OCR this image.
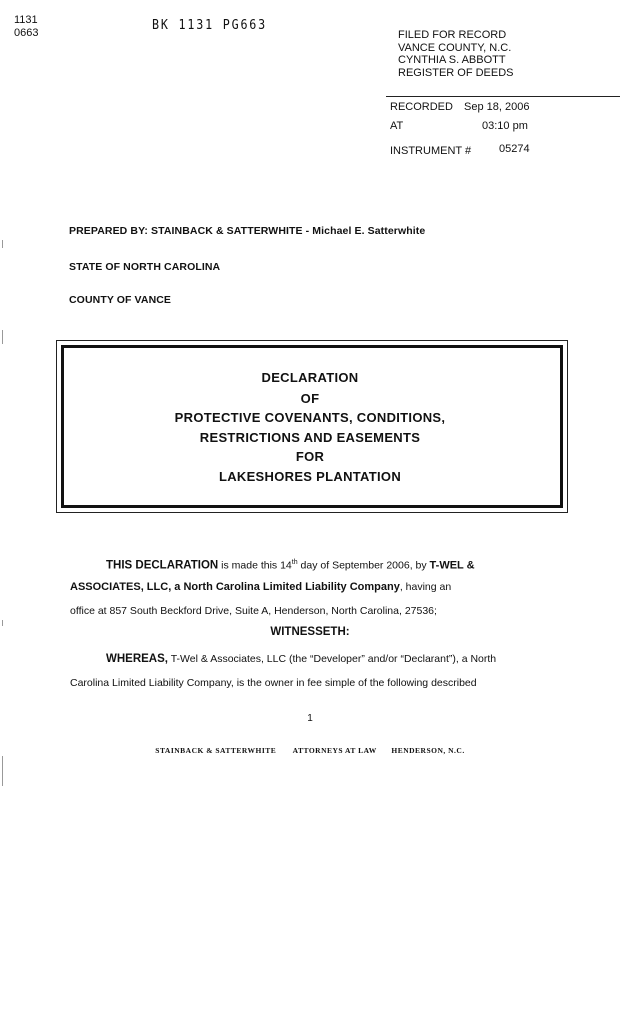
1131
0663	BK 1131 PG663
FILED FOR RECORD
VANCE COUNTY, N.C.
CYNTHIA S. ABBOTT
REGISTER OF DEEDS
RECORDED Sep 18, 2006
AT	03:10 pm
INSTRUMENT #	05274
PREPARED BY: STAINBACK & SATTERWHITE - Michael E. Satterwhite
STATE OF NORTH CAROLINA
COUNTY OF VANCE
DECLARATION
OF
PROTECTIVE COVENANTS, CONDITIONS,
RESTRICTIONS AND EASEMENTS
FOR
LAKESHORES PLANTATION
THIS DECLARATION is made this 14th day of September 2006, by T-WEL &
ASSOCIATES, LLC, a North Carolina Limited Liability Company, having an
office at 857 South Beckford Drive, Suite A, Henderson, North Carolina, 27536;
WITNESSETH:
WHEREAS, T-Wel & Associates, LLC (the “Developer” and/or “Declarant”), a North
Carolina Limited Liability Company, is the owner in fee simple of the following described
1
STAINBACK & SATTERWHITE ATTORNEYS AT LAW HENDERSON, N.C.
